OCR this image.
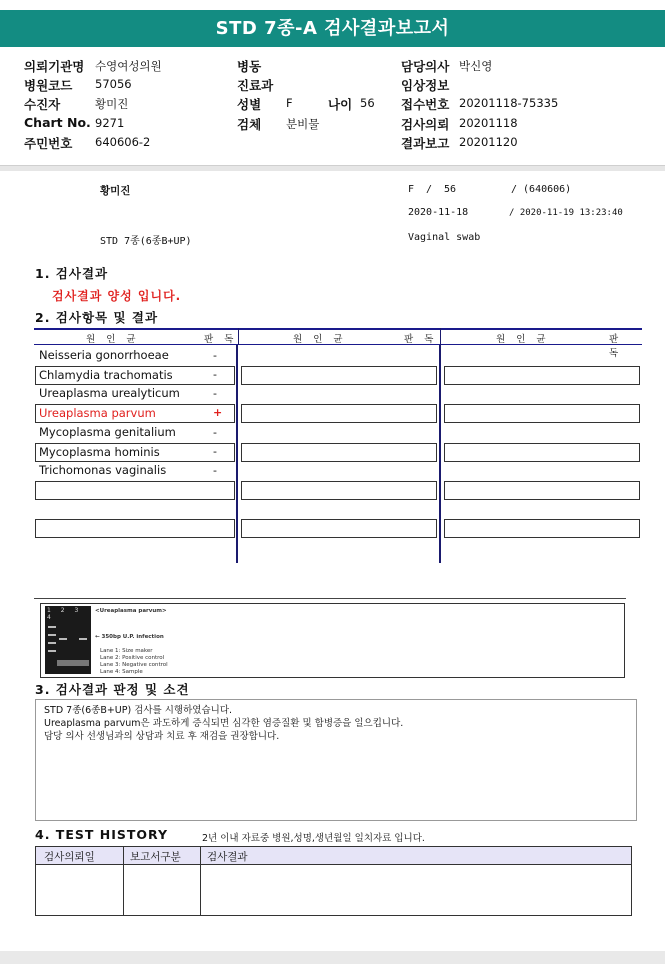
STD 7종-A 검사결과보고서
의뢰기관명 수영여성의원
병원코드 57056
수진자	황미진
Chart No. 9271
주민번호 640606-2
병동
진료과
성별 F	나이 56
검체 분비물
담당의사 박신영
임상정보
접수번호 20201118-75335
검사의뢰 20201118
결과보고 20201120
황미진	F / 56	/ (640606)
2020-11-18	/ 2020-11-19 13:23:40
STD 7종(6종B+UP)	Vaginal swab
1. 검사결과
검사결과 양성 입니다.
2. 검사항목 및 결과
원 인 균	판 독	원 인 균	판 독	원 인 균	판 독
Neisseria gonorrhoeae	-
Chlamydia trachomatis	-
Ureaplasma urealyticum	-
Ureaplasma parvum	+
Mycoplasma genitalium	-
Mycoplasma hominis	-
Trichomonas vaginalis	-
1 2 3 4
<Ureaplasma parvum>
← 350bp U.P. infection
Lane 1: Size maker
Lane 2: Positive control
Lane 3: Negative control
Lane 4: Sample
3. 검사결과 판정 및 소견
STD 7종(6종B+UP) 검사를 시행하였습니다.
Ureaplasma parvum은 과도하게 증식되면 심각한 염증질환 및 합병증을 일으킵니다.
담당 의사 선생님과의 상담과 치료 후 재검을 권장합니다.
4. TEST HISTORY	2년 이내 자료중 병원,성명,생년월일 일치자료 입니다.
검사의뢰일	보고서구분	검사결과
